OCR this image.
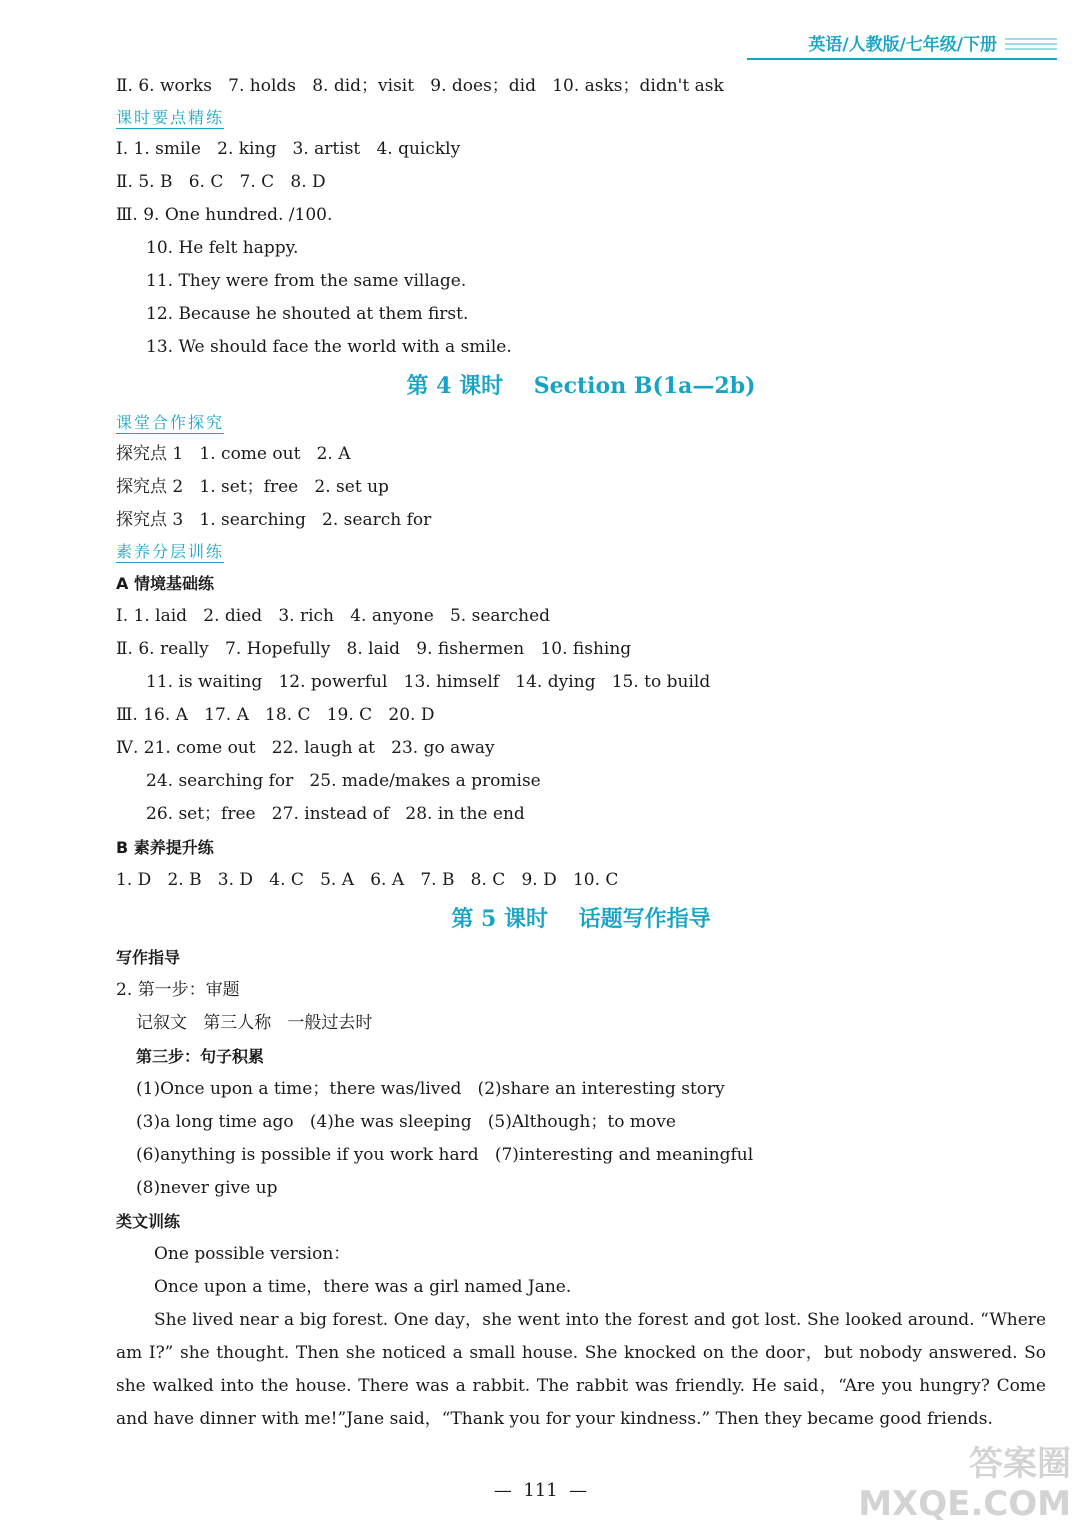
英语/人教版/七年级/下册
Ⅱ. 6. works   7. holds   8. did；visit   9. does；did   10. asks；didn't ask
课时要点精练
Ⅰ. 1. smile   2. king   3. artist   4. quickly
Ⅱ. 5. B   6. C   7. C   8. D
Ⅲ. 9. One hundred. /100.
10. He felt happy.
11. They were from the same village.
12. Because he shouted at them first.
13. We should face the world with a smile.
第 4 课时    Section B(1a—2b)
课堂合作探究
探究点 1   1. come out   2. A
探究点 2   1. set；free   2. set up
探究点 3   1. searching   2. search for
素养分层训练
A 情境基础练
Ⅰ. 1. laid   2. died   3. rich   4. anyone   5. searched
Ⅱ. 6. really   7. Hopefully   8. laid   9. fishermen   10. fishing
11. is waiting   12. powerful   13. himself   14. dying   15. to build
Ⅲ. 16. A   17. A   18. C   19. C   20. D
Ⅳ. 21. come out   22. laugh at   23. go away
24. searching for   25. made/makes a promise
26. set；free   27. instead of   28. in the end
B 素养提升练
1. D   2. B   3. D   4. C   5. A   6. A   7. B   8. C   9. D   10. C
第 5 课时    话题写作指导
写作指导
2. 第一步：审题
记叙文   第三人称   一般过去时
第三步：句子积累
(1)Once upon a time；there was/lived   (2)share an interesting story
(3)a long time ago   (4)he was sleeping   (5)Although；to move
(6)anything is possible if you work hard   (7)interesting and meaningful
(8)never give up
类文训练
One possible version：
Once upon a time，there was a girl named Jane.

She lived near a big forest. One day，she went into the forest and got lost. She looked around. “Where am I?” she thought. Then she noticed a small house. She knocked on the door，but nobody answered. So she walked into the house. There was a rabbit. The rabbit was friendly. He said，“Are you hungry? Come and have dinner with me!”Jane said，“Thank you for your kindness.” Then they became good friends.

—  111  —
答案圈
MXQE.COM
